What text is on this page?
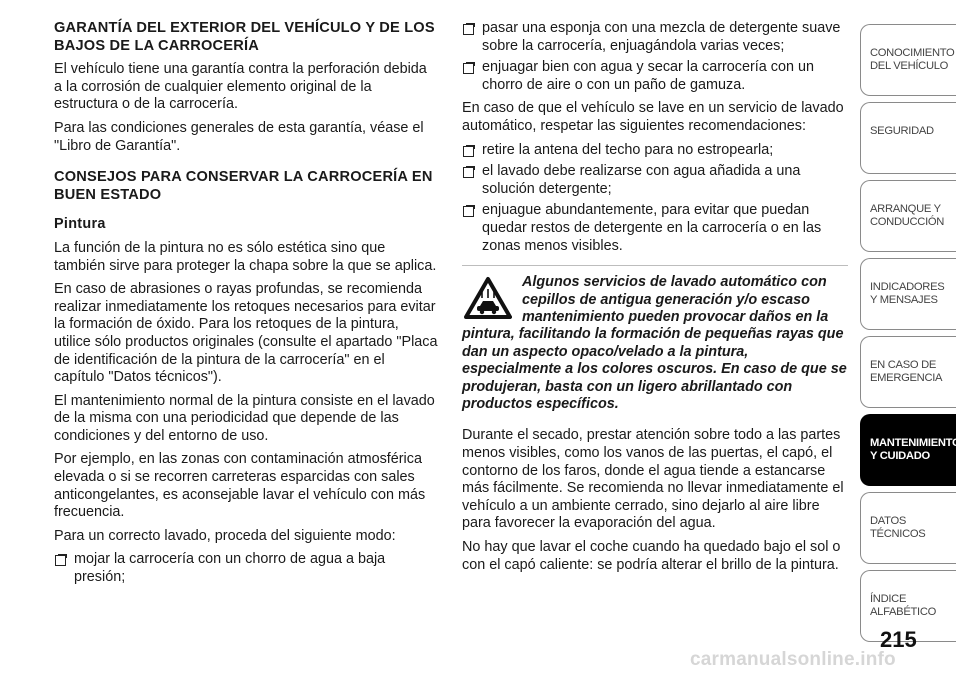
GARANTÍA DEL EXTERIOR DEL VEHÍCULO Y DE LOS BAJOS DE LA CARROCERÍA

El vehículo tiene una garantía contra la perforación debida a la corrosión de cualquier elemento original de la estructura o de la carrocería.

Para las condiciones generales de esta garantía, véase el "Libro de Garantía".

CONSEJOS PARA CONSERVAR LA CARROCERÍA EN BUEN ESTADO
Pintura

La función de la pintura no es sólo estética sino que también sirve para proteger la chapa sobre la que se aplica.

En caso de abrasiones o rayas profundas, se recomienda realizar inmediatamente los retoques necesarios para evitar la formación de óxido. Para los retoques de la pintura, utilice sólo productos originales (consulte el apartado "Placa de identificación de la pintura de la carrocería" en el capítulo "Datos técnicos").

El mantenimiento normal de la pintura consiste en el lavado de la misma con una periodicidad que depende de las condiciones y del entorno de uso.

Por ejemplo, en las zonas con contaminación atmosférica elevada o si se recorren carreteras esparcidas con sales anticongelantes, es aconsejable lavar el vehículo con más frecuencia.

Para un correcto lavado, proceda del siguiente modo:

mojar la carrocería con un chorro de agua a baja presión;
pasar una esponja con una mezcla de detergente suave sobre la carrocería, enjuagándola varias veces;
enjuagar bien con agua y secar la carrocería con un chorro de aire o con un paño de gamuza.

En caso de que el vehículo se lave en un servicio de lavado automático, respetar las siguientes recomendaciones:

retire la antena del techo para no estropearla;
el lavado debe realizarse con agua añadida a una solución detergente;
enjuague abundantemente, para evitar que puedan quedar restos de detergente en la carrocería o en las zonas menos visibles.
Algunos servicios de lavado automático con cepillos de antigua generación y/o escaso mantenimiento pueden provocar daños en la pintura, facilitando la formación de pequeñas rayas que dan un aspecto opaco/velado a la pintura, especialmente a los colores oscuros. En caso de que se produjeran, basta con un ligero abrillantado con productos específicos.

Durante el secado, prestar atención sobre todo a las partes menos visibles, como los vanos de las puertas, el capó, el contorno de los faros, donde el agua tiende a estancarse más fácilmente. Se recomienda no llevar inmediatamente el vehículo a un ambiente cerrado, sino dejarlo al aire libre para favorecer la evaporación del agua.

No hay que lavar el coche cuando ha quedado bajo el sol o con el capó caliente: se podría alterar el brillo de la pintura.

CONOCIMIENTO DEL VEHÍCULO
SEGURIDAD
ARRANQUE Y CONDUCCIÓN
INDICADORES Y MENSAJES
EN CASO DE EMERGENCIA
MANTENIMIENTO Y CUIDADO
DATOS TÉCNICOS
ÍNDICE ALFABÉTICO
215
carmanualsonline.info
